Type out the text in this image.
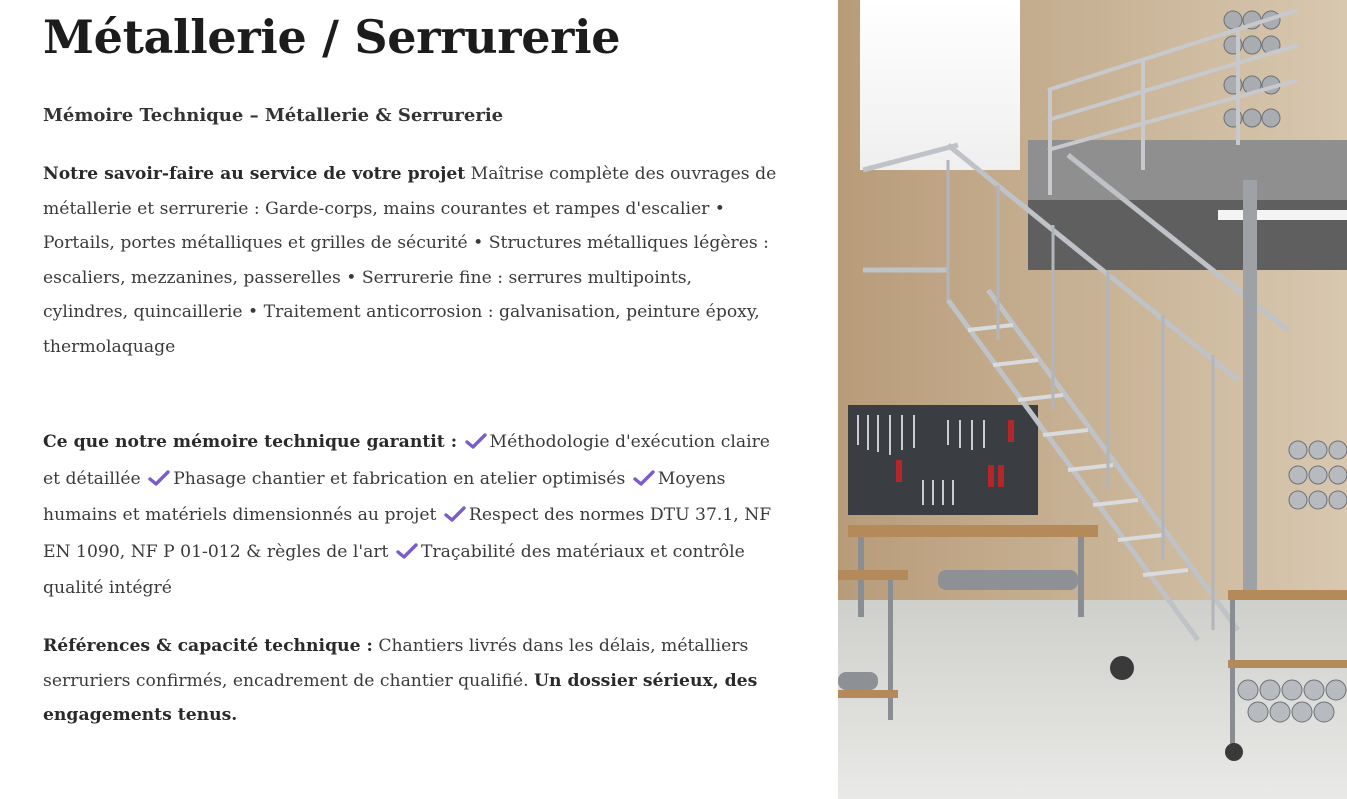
Métallerie / Serrurerie
Mémoire Technique – Métallerie & Serrurerie

Notre savoir-faire au service de votre projet Maîtrise complète des ouvrages de métallerie et serrurerie : Garde-corps, mains courantes et rampes d'escalier • Portails, portes métalliques et grilles de sécurité • Structures métalliques légères : escaliers, mezzanines, passerelles • Serrurerie fine : serrures multipoints, cylindres, quincaillerie • Traitement anticorrosion : galvanisation, peinture époxy, thermolaquage

Ce que notre mémoire technique garantit : Méthodologie d'exécution claire et détaillée Phasage chantier et fabrication en atelier optimisés Moyens humains et matériels dimensionnés au projet Respect des normes DTU 37.1, NF EN 1090, NF P 01-012 & règles de l'art Traçabilité des matériaux et contrôle qualité intégré

Références & capacité technique : Chantiers livrés dans les délais, métalliers serruriers confirmés, encadrement de chantier qualifié. Un dossier sérieux, des engagements tenus.
